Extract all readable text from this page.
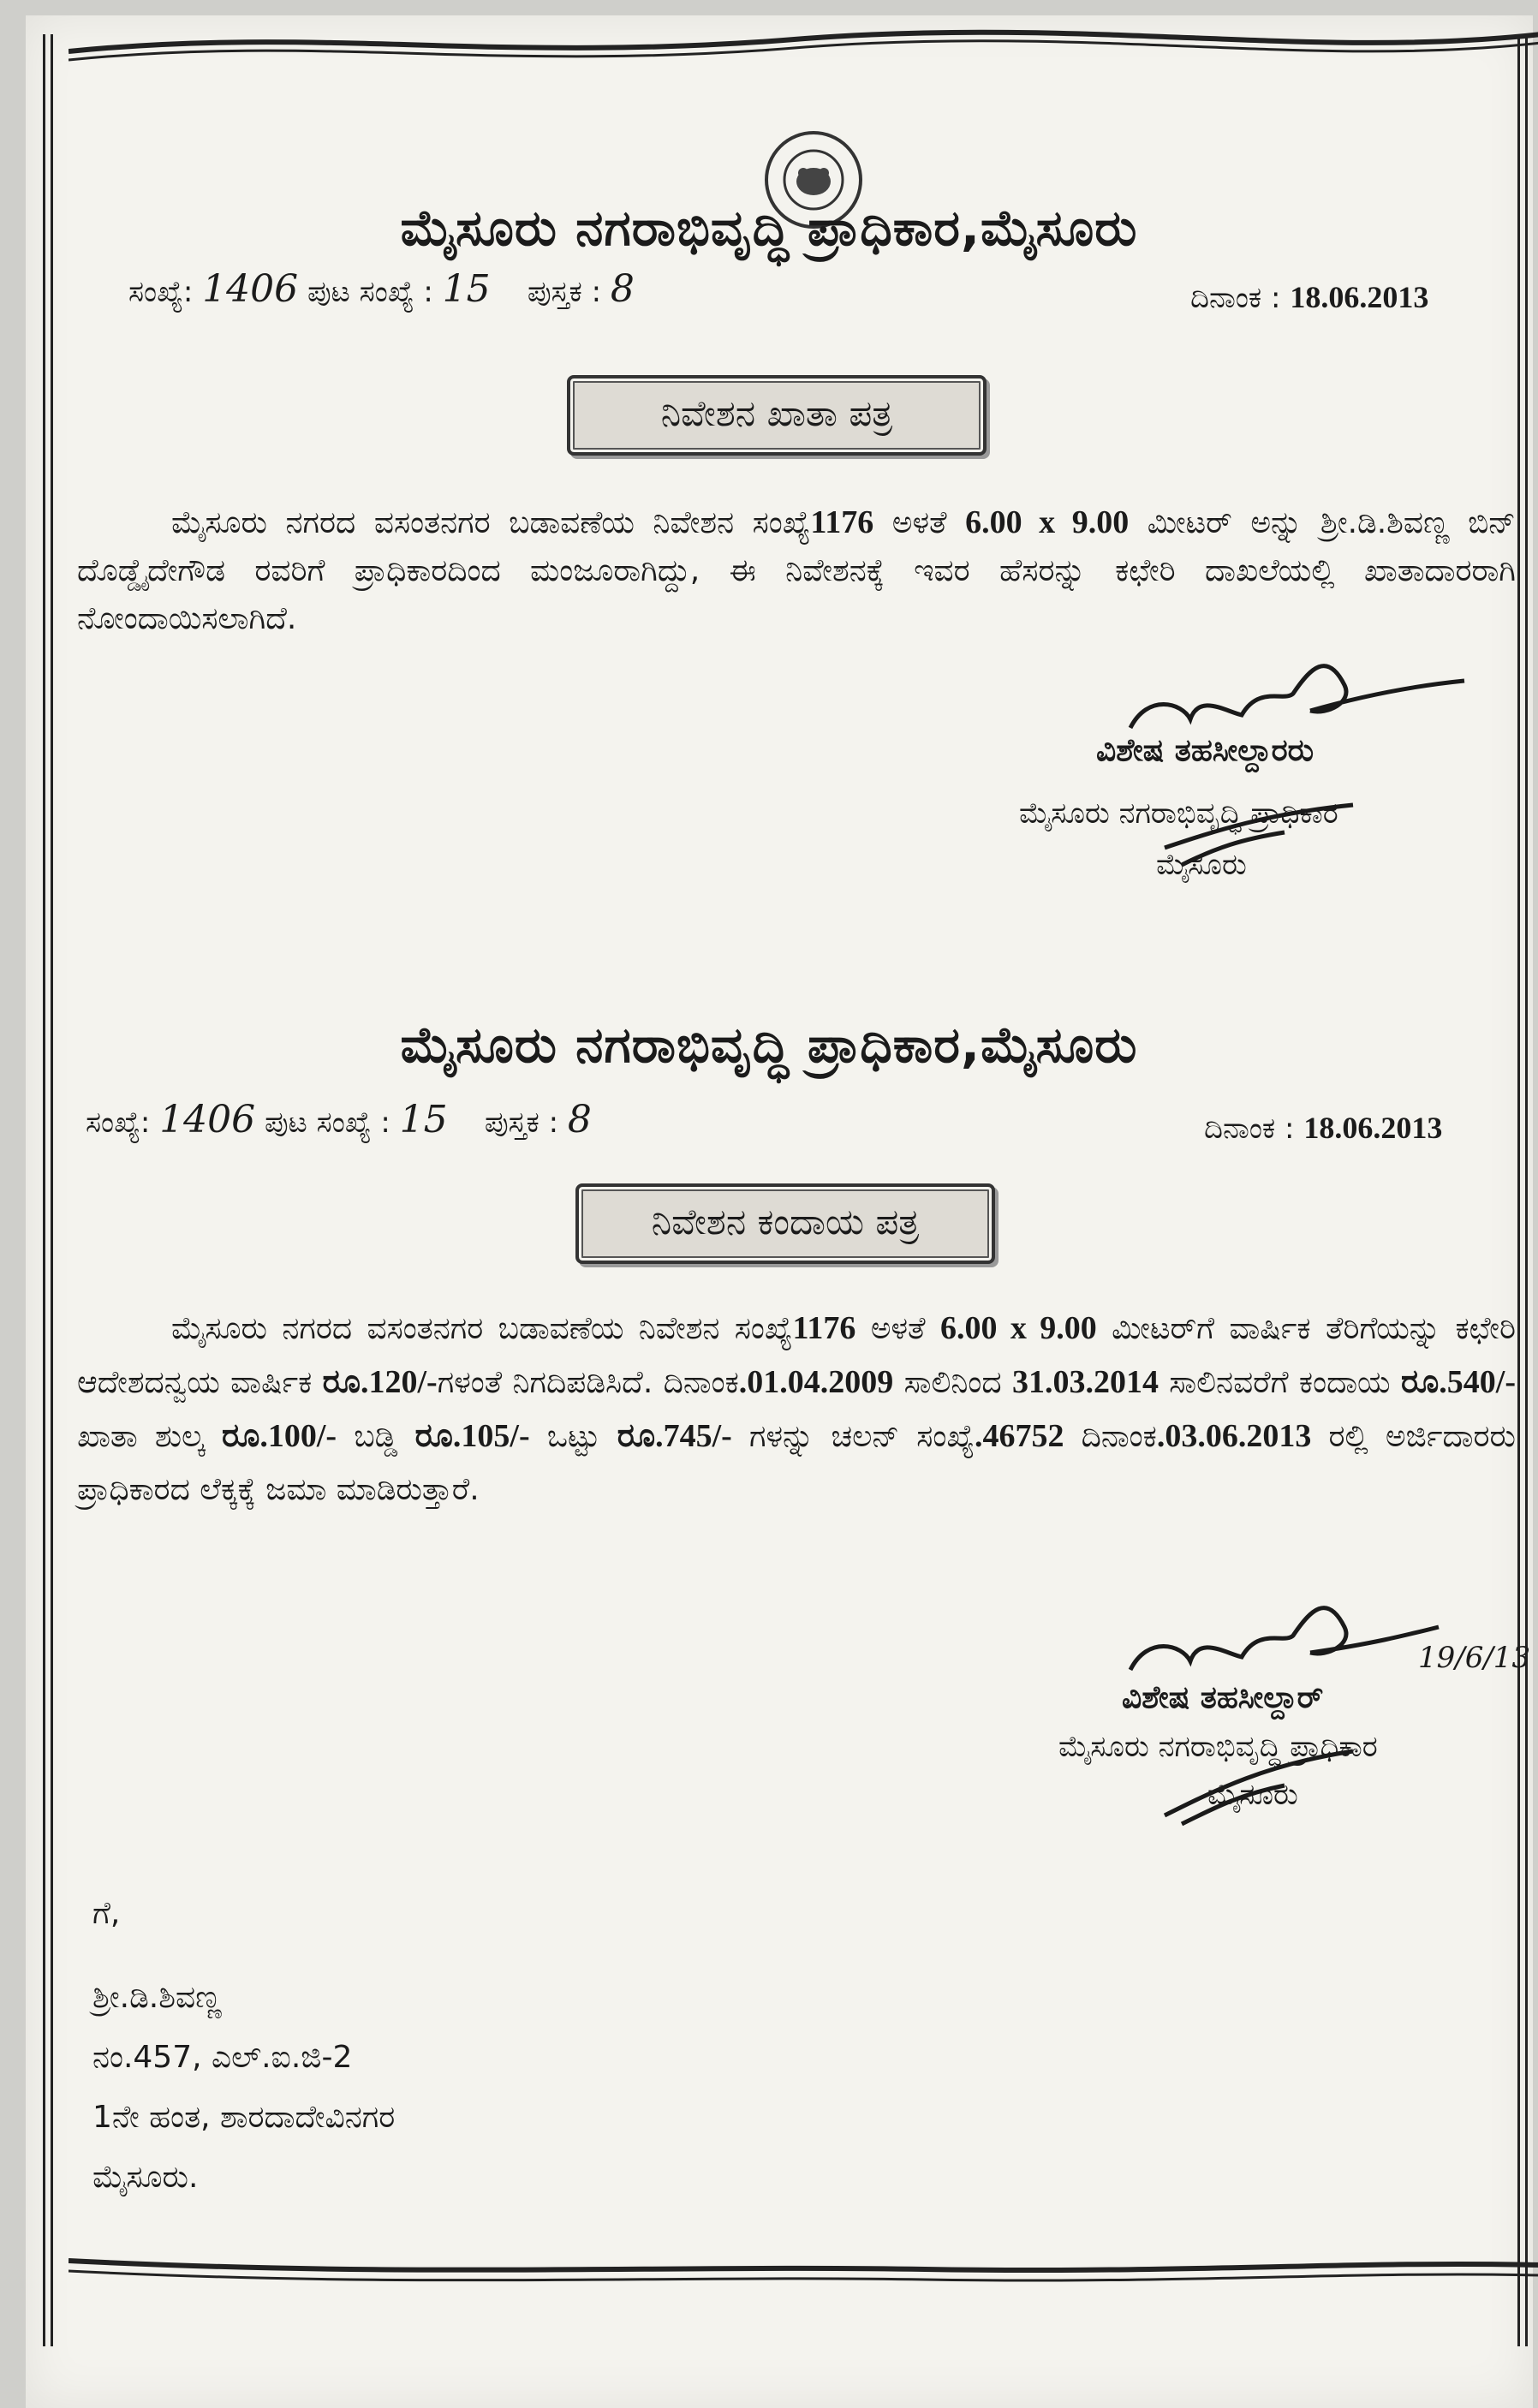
ಮೈಸೂರು ನಗರಾಭಿವೃದ್ಧಿ ಪ್ರಾಧಿಕಾರ,ಮೈಸೂರು
ಸಂಖ್ಯೆ: 1406 ಪುಟ ಸಂಖ್ಯೆ : 15 ಪುಸ್ತಕ : 8	ದಿನಾಂಕ : 18.06.2013
ನಿವೇಶನ ಖಾತಾ ಪತ್ರ
ಮೈಸೂರು ನಗರದ ವಸಂತನಗರ ಬಡಾವಣೆಯ ನಿವೇಶನ ಸಂಖ್ಯೆ1176 ಅಳತೆ 6.00 x 9.00 ಮೀಟರ್ ಅನ್ನು ಶ್ರೀ.ಡಿ.ಶಿವಣ್ಣ ಬಿನ್ ದೊಡ್ಡೈದೇಗೌಡ ರವರಿಗೆ ಪ್ರಾಧಿಕಾರದಿಂದ ಮಂಜೂರಾಗಿದ್ದು, ಈ ನಿವೇಶನಕ್ಕೆ ಇವರ ಹೆಸರನ್ನು ಕಛೇರಿ ದಾಖಲೆಯಲ್ಲಿ ಖಾತಾದಾರರಾಗಿ ನೋಂದಾಯಿಸಲಾಗಿದೆ.
ವಿಶೇಷ ತಹಸೀಲ್ದಾರರು
ಮೈಸೂರು ನಗರಾಭಿವೃದ್ಧಿ ಪ್ರಾಧಿಕಾರ
ಮೈಸೂರು
ಮೈಸೂರು ನಗರಾಭಿವೃದ್ಧಿ ಪ್ರಾಧಿಕಾರ,ಮೈಸೂರು
ಸಂಖ್ಯೆ: 1406 ಪುಟ ಸಂಖ್ಯೆ : 15 ಪುಸ್ತಕ : 8	ದಿನಾಂಕ : 18.06.2013
ನಿವೇಶನ ಕಂದಾಯ ಪತ್ರ
ಮೈಸೂರು ನಗರದ ವಸಂತನಗರ ಬಡಾವಣೆಯ ನಿವೇಶನ ಸಂಖ್ಯೆ1176 ಅಳತೆ 6.00 x 9.00 ಮೀಟರ್‌ಗೆ ವಾರ್ಷಿಕ ತೆರಿಗೆಯನ್ನು ಕಛೇರಿ ಆದೇಶದನ್ವಯ ವಾರ್ಷಿಕ ರೂ.120/-ಗಳಂತೆ ನಿಗದಿಪಡಿಸಿದೆ. ದಿನಾಂಕ.01.04.2009 ಸಾಲಿನಿಂದ 31.03.2014 ಸಾಲಿನವರೆಗೆ ಕಂದಾಯ ರೂ.540/- ಖಾತಾ ಶುಲ್ಕ ರೂ.100/- ಬಡ್ಡಿ ರೂ.105/- ಒಟ್ಟು ರೂ.745/- ಗಳನ್ನು ಚಲನ್ ಸಂಖ್ಯೆ.46752 ದಿನಾಂಕ.03.06.2013 ರಲ್ಲಿ ಅರ್ಜಿದಾರರು ಪ್ರಾಧಿಕಾರದ ಲೆಕ್ಕಕ್ಕೆ ಜಮಾ ಮಾಡಿರುತ್ತಾರೆ.
19/6/13
ವಿಶೇಷ ತಹಸೀಲ್ದಾರ್
ಮೈಸೂರು ನಗರಾಭಿವೃದ್ಧಿ ಪ್ರಾಧಿಕಾರ
ಮೈಸೂರು
ಗೆ,
ಶ್ರೀ.ಡಿ.ಶಿವಣ್ಣ
ನಂ.457, ಎಲ್.ಐ.ಜಿ-2
1ನೇ ಹಂತ, ಶಾರದಾದೇವಿನಗರ
ಮೈಸೂರು.
